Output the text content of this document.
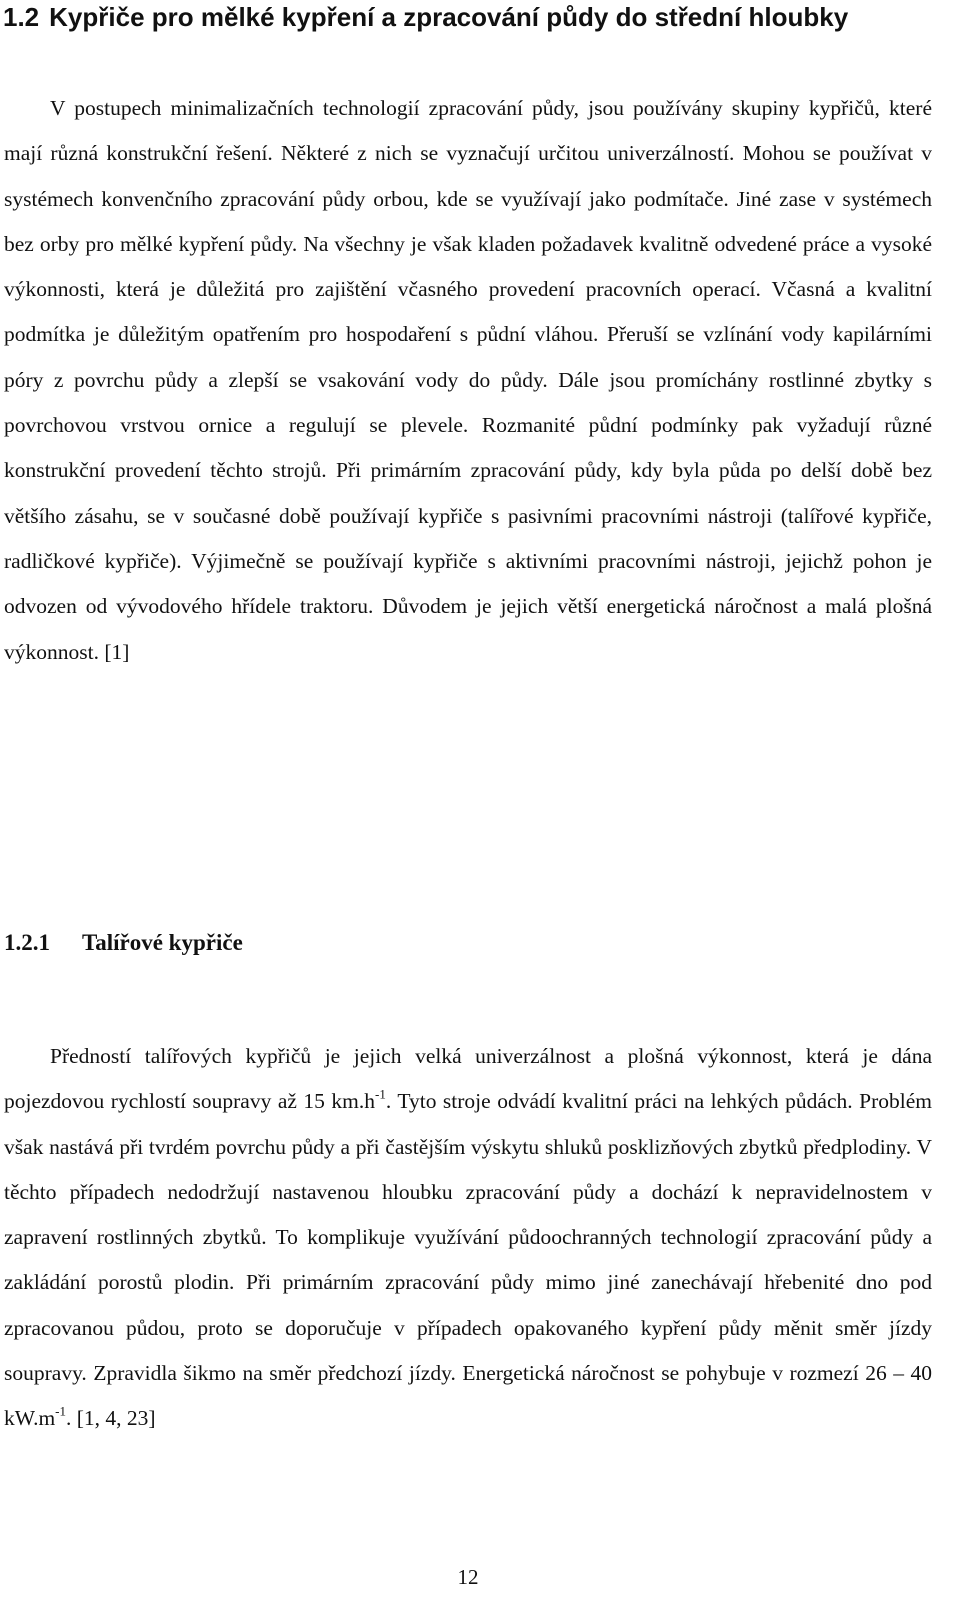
1.2 Kypřiče pro mělké kypření a zpracování půdy do střední hloubky

V postupech minimalizačních technologií zpracování půdy, jsou používány skupiny kypřičů, které mají různá konstrukční řešení. Některé z nich se vyznačují určitou univerzálností. Mohou se používat v systémech konvenčního zpracování půdy orbou, kde se využívají jako podmítače. Jiné zase v systémech bez orby pro mělké kypření půdy. Na všechny je však kladen požadavek kvalitně odvedené práce a vysoké výkonnosti, která je důležitá pro zajištění včasného provedení pracovních operací. Včasná a kvalitní podmítka je důležitým opatřením pro hospodaření s půdní vláhou. Přeruší se vzlínání vody kapilárními póry z povrchu půdy a zlepší se vsakování vody do půdy. Dále jsou promíchány rostlinné zbytky s povrchovou vrstvou ornice a regulují se plevele. Rozmanité půdní podmínky pak vyžadují různé konstrukční provedení těchto strojů. Při primárním zpracování půdy, kdy byla půda po delší době bez většího zásahu, se v současné době používají kypřiče s pasivními pracovními nástroji (talířové kypřiče, radličkové kypřiče). Výjimečně se používají kypřiče s aktivními pracovními nástroji, jejichž pohon je odvozen od vývodového hřídele traktoru. Důvodem je jejich větší energetická náročnost a malá plošná výkonnost. [1]

1.2.1 Talířové kypřiče

Předností talířových kypřičů je jejich velká univerzálnost a plošná výkonnost, která je dána pojezdovou rychlostí soupravy až 15 $km.h^{-1}$. Tyto stroje odvádí kvalitní práci na lehkých půdách. Problém však nastává při tvrdém povrchu půdy a při častějším výskytu shluků posklizňových zbytků předplodiny. V těchto případech nedodržují nastavenou hloubku zpracování půdy a dochází k nepravidelnostem v zapravení rostlinných zbytků. To komplikuje využívání půdoochranných technologií zpracování půdy a zakládání porostů plodin. Při primárním zpracování půdy mimo jiné zanechávají hřebenité dno pod zpracovanou půdou, proto se doporučuje v případech opakovaného kypření půdy měnit směr jízdy soupravy. Zpravidla šikmo na směr předchozí jízdy. Energetická náročnost se pohybuje v rozmezí 26 – 40 $kW.m^{-1}$. [1, 4, 23]

12
